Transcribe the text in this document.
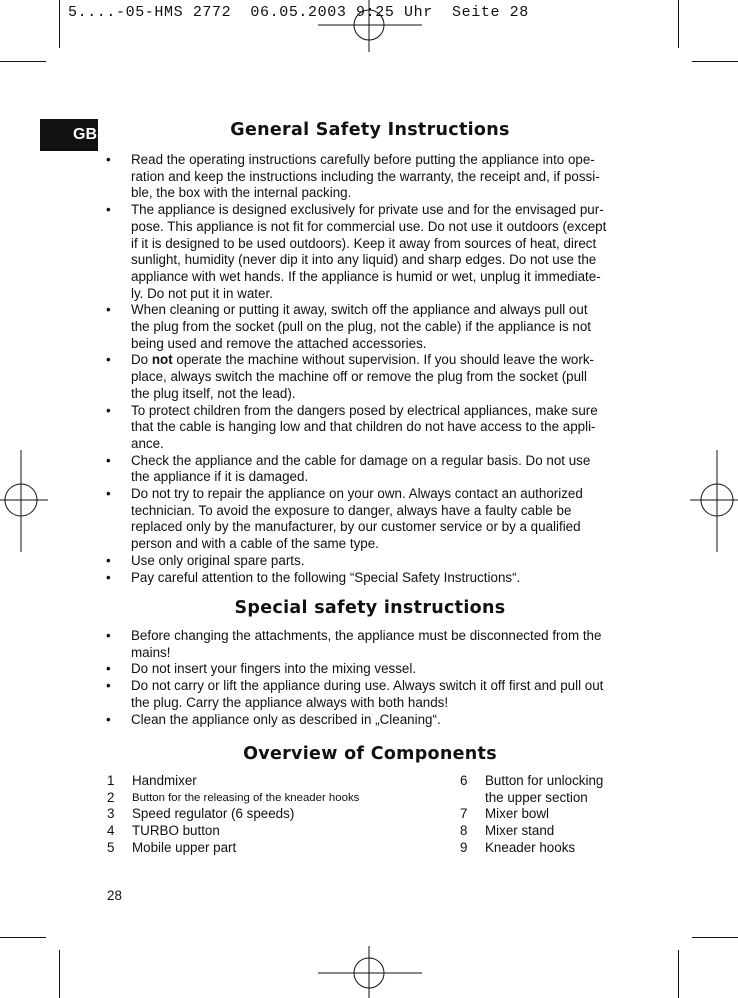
5....-05-HMS 2772  06.05.2003 9:25 Uhr  Seite 28
GB	General Safety Instructions
• Read the operating instructions carefully before putting the appliance into ope-
ration and keep the instructions including the warranty, the receipt and, if possi-
ble, the box with the internal packing.
• The appliance is designed exclusively for private use and for the envisaged pur-
pose. This appliance is not fit for commercial use. Do not use it outdoors (except
if it is designed to be used outdoors). Keep it away from sources of heat, direct
sunlight, humidity (never dip it into any liquid) and sharp edges. Do not use the
appliance with wet hands. If the appliance is humid or wet, unplug it immediate-
ly. Do not put it in water.
• When cleaning or putting it away, switch off the appliance and always pull out
the plug from the socket (pull on the plug, not the cable) if the appliance is not
being used and remove the attached accessories.
• Do not operate the machine without supervision. If you should leave the work-
place, always switch the machine off or remove the plug from the socket (pull
the plug itself, not the lead).
• To protect children from the dangers posed by electrical appliances, make sure
that the cable is hanging low and that children do not have access to the appli-
ance.
• Check the appliance and the cable for damage on a regular basis. Do not use
the appliance if it is damaged.
• Do not try to repair the appliance on your own. Always contact an authorized
technician. To avoid the exposure to danger, always have a faulty cable be
replaced only by the manufacturer, by our customer service or by a qualified
person and with a cable of the same type.
• Use only original spare parts.
• Pay careful attention to the following “Special Safety Instructions“.
Special safety instructions
• Before changing the attachments, the appliance must be disconnected from the
mains!
• Do not insert your fingers into the mixing vessel.
• Do not carry or lift the appliance during use. Always switch it off first and pull out
the plug. Carry the appliance always with both hands!
• Clean the appliance only as described in „Cleaning“.
Overview of Components
1	Handmixer
2	Button for the releasing of the kneader hooks
3	Speed regulator (6 speeds)
4	TURBO button
5	Mobile upper part
6	Button for unlocking
the upper section
7	Mixer bowl
8	Mixer stand
9	Kneader hooks
28
